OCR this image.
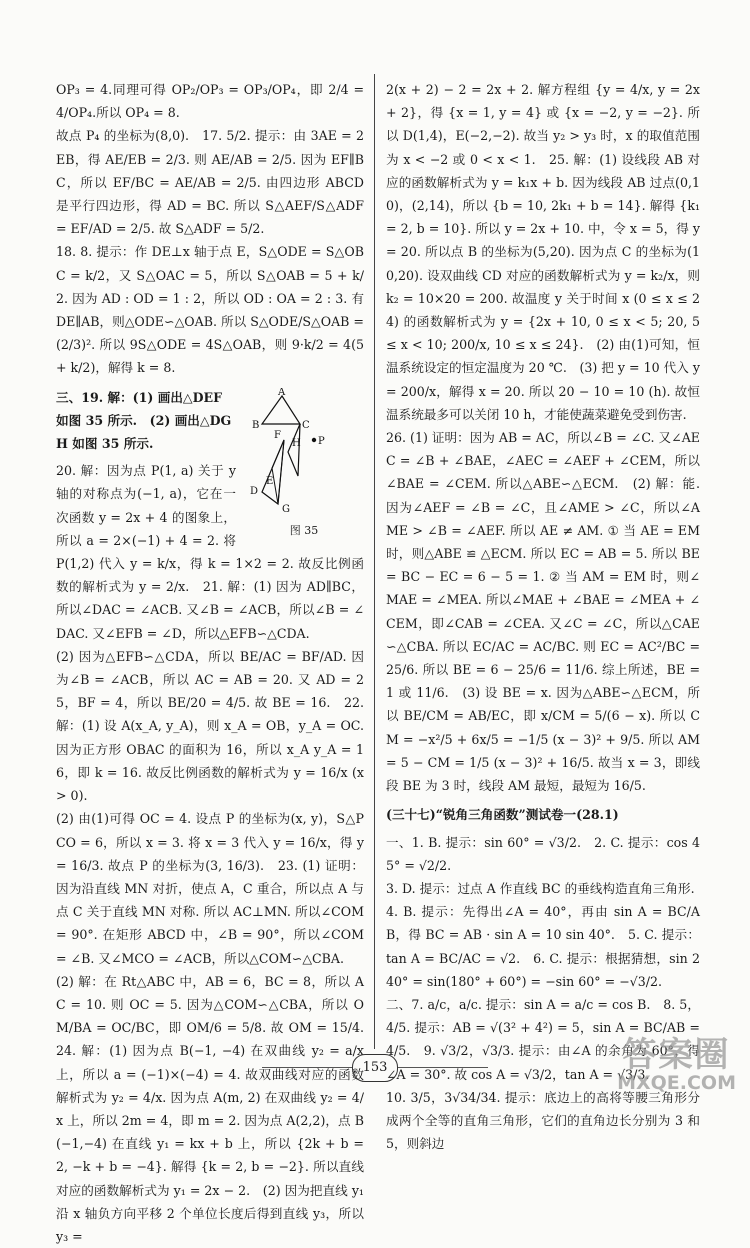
OP₃ = 4.同理可得 OP₂/OP₃ = OP₃/OP₄，即 2/4 = 4/OP₄.所以 OP₄ = 8.

故点 P₄ 的坐标为(8,0).　17. 5/2. 提示：由 3AE = 2EB，得 AE/EB = 2/3. 则 AE/AB = 2/5. 因为 EF∥BC，所以 EF/BC = AE/AB = 2/5. 由四边形 ABCD 是平行四边形，得 AD = BC. 所以 S△AEF/S△ADF = EF/AD = 2/5. 故 S△ADF = 5/2.

18. 8. 提示：作 DE⊥x 轴于点 E，S△ODE = S△OBC = k/2，又 S△OAC = 5，所以 S△OAB = 5 + k/2. 因为 AD : OD = 1 : 2，所以 OD : OA = 2 : 3. 有 DE∥AB，则△ODE∽△OAB. 所以 S△ODE/S△OAB = (2/3)². 所以 9S△ODE = 4S△OAB，则 9·k/2 = 4(5 + k/2)，解得 k = 8.

A
B	C
H
F
P
D
E
G
图 35

三、19. 解：(1) 画出△DEF 如图 35 所示.　(2) 画出△DGH 如图 35 所示.

20. 解：因为点 P(1, a) 关于 y 轴的对称点为(−1, a)，它在一次函数 y = 2x + 4 的图象上，所以 a = 2×(−1) + 4 = 2. 将 P(1,2) 代入 y = k/x，得 k = 1×2 = 2. 故反比例函数的解析式为 y = 2/x.　21. 解：(1) 因为 AD∥BC，所以∠DAC = ∠ACB. 又∠B = ∠ACB，所以∠B = ∠DAC. 又∠EFB = ∠D，所以△EFB∽△CDA.

(2) 因为△EFB∽△CDA，所以 BE/AC = BF/AD. 因为∠B = ∠ACB，所以 AC = AB = 20. 又 AD = 25，BF = 4，所以 BE/20 = 4/5. 故 BE = 16.　22. 解：(1) 设 A(x_A, y_A)，则 x_A = OB，y_A = OC. 因为正方形 OBAC 的面积为 16，所以 x_A y_A = 16，即 k = 16. 故反比例函数的解析式为 y = 16/x (x > 0).

(2) 由(1)可得 OC = 4. 设点 P 的坐标为(x, y)，S△PCO = 6，所以 x = 3. 将 x = 3 代入 y = 16/x，得 y = 16/3. 故点 P 的坐标为(3, 16/3).　23. (1) 证明：因为沿直线 MN 对折，使点 A，C 重合，所以点 A 与点 C 关于直线 MN 对称. 所以 AC⊥MN. 所以∠COM = 90°. 在矩形 ABCD 中，∠B = 90°，所以∠COM = ∠B. 又∠MCO = ∠ACB，所以△COM∽△CBA.

(2) 解：在 Rt△ABC 中，AB = 6，BC = 8，所以 AC = 10. 则 OC = 5. 因为△COM∽△CBA，所以 OM/BA = OC/BC，即 OM/6 = 5/8. 故 OM = 15/4.　24. 解：(1) 因为点 B(−1, −4) 在双曲线 y₂ = a/x 上，所以 a = (−1)×(−4) = 4. 故双曲线对应的函数解析式为 y₂ = 4/x. 因为点 A(m, 2) 在双曲线 y₂ = 4/x 上，所以 2m = 4，即 m = 2. 因为点 A(2,2)，点 B(−1,−4) 在直线 y₁ = kx + b 上，所以 {2k + b = 2, −k + b = −4}. 解得 {k = 2, b = −2}. 所以直线对应的函数解析式为 y₁ = 2x − 2.　(2) 因为把直线 y₁ 沿 x 轴负方向平移 2 个单位长度后得到直线 y₃，所以 y₃ =

2(x + 2) − 2 = 2x + 2. 解方程组 {y = 4/x, y = 2x + 2}，得 {x = 1, y = 4} 或 {x = −2, y = −2}. 所以 D(1,4)，E(−2,−2). 故当 y₂ > y₃ 时，x 的取值范围为 x < −2 或 0 < x < 1.　25. 解：(1) 设线段 AB 对应的函数解析式为 y = k₁x + b. 因为线段 AB 过点(0,10)，(2,14)，所以 {b = 10, 2k₁ + b = 14}. 解得 {k₁ = 2, b = 10}. 所以 y = 2x + 10. 中，令 x = 5，得 y = 20. 所以点 B 的坐标为(5,20). 因为点 C 的坐标为(10,20). 设双曲线 CD 对应的函数解析式为 y = k₂/x，则 k₂ = 10×20 = 200. 故温度 y 关于时间 x (0 ≤ x ≤ 24) 的函数解析式为 y = {2x + 10, 0 ≤ x < 5; 20, 5 ≤ x < 10; 200/x, 10 ≤ x ≤ 24}.　(2) 由(1)可知，恒温系统设定的恒定温度为 20 ℃.　(3) 把 y = 10 代入 y = 200/x，解得 x = 20. 所以 20 − 10 = 10 (h). 故恒温系统最多可以关闭 10 h，才能使蔬菜避免受到伤害.

26. (1) 证明：因为 AB = AC，所以∠B = ∠C. 又∠AEC = ∠B + ∠BAE，∠AEC = ∠AEF + ∠CEM，所以∠BAE = ∠CEM. 所以△ABE∽△ECM.　(2) 解：能. 因为∠AEF = ∠B = ∠C，且∠AME > ∠C，所以∠AME > ∠B = ∠AEF. 所以 AE ≠ AM. ① 当 AE = EM 时，则△ABE ≌ △ECM. 所以 EC = AB = 5. 所以 BE = BC − EC = 6 − 5 = 1. ② 当 AM = EM 时，则∠MAE = ∠MEA. 所以∠MAE + ∠BAE = ∠MEA + ∠CEM，即∠CAB = ∠CEA. 又∠C = ∠C，所以△CAE∽△CBA. 所以 EC/AC = AC/BC. 则 EC = AC²/BC = 25/6. 所以 BE = 6 − 25/6 = 11/6. 综上所述，BE = 1 或 11/6.　(3) 设 BE = x. 因为△ABE∽△ECM，所以 BE/CM = AB/EC，即 x/CM = 5/(6 − x). 所以 CM = −x²/5 + 6x/5 = −1/5 (x − 3)² + 9/5. 所以 AM = 5 − CM = 1/5 (x − 3)² + 16/5. 故当 x = 3，即线段 BE 为 3 时，线段 AM 最短，最短为 16/5.

(三十七)“锐角三角函数”测试卷一(28.1)

一、1. B. 提示：sin 60° = √3/2.　2. C. 提示：cos 45° = √2/2.

3. D. 提示：过点 A 作直线 BC 的垂线构造直角三角形.

4. B. 提示：先得出∠A = 40°，再由 sin A = BC/AB，得 BC = AB · sin A = 10 sin 40°.　5. C. 提示：tan A = BC/AC = √2.　6. C. 提示：根据猜想，sin 240° = sin(180° + 60°) = −sin 60° = −√3/2.

二、7. a/c，a/c. 提示：sin A = a/c = cos B.　8. 5，4/5. 提示：AB = √(3² + 4²) = 5，sin A = BC/AB = 4/5.　9. √3/2，√3/3. 提示：由∠A 的余角为 60°，得∠A = 30°. 故 cos A = √3/2，tan A = √3/3.

10. 3/5，3√34/34. 提示：底边上的高将等腰三角形分成两个全等的直角三角形，它们的直角边长分别为 3 和 5，则斜边

153	答案圈
MXQE.COM
